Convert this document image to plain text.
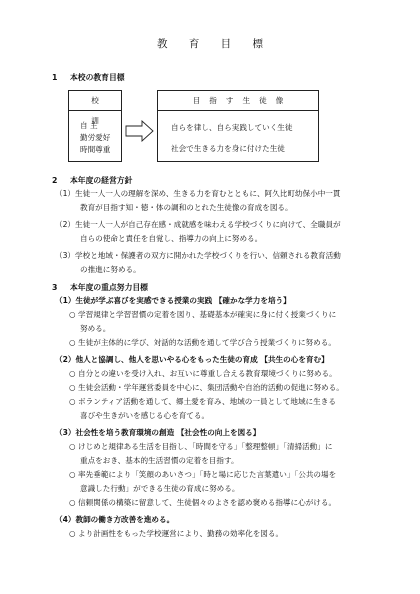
教 育 目 標
1 本校の教育目標
校 訓
自 主
勤労愛好
時間尊重
目指す生徒像
自らを律し、自ら実践していく生徒
社会で生きる力を身に付けた生徒
2 本年度の経営方針
（1）生徒一人一人の理解を深め、生きる力を育むとともに、阿久比町幼保小中一貫
教育が目指す知・徳・体の調和のとれた生徒像の育成を図る。
（2）生徒一人一人が自己存在感・成就感を味わえる学校づくりに向けて、全職員が
自らの使命と責任を自覚し、指導力の向上に努める。
（3）学校と地域・保護者の双方に開かれた学校づくりを行い、信頼される教育活動
の推進に努める。
3 本年度の重点努力目標
（1）生徒が学ぶ喜びを実感できる授業の実践 【確かな学力を培う】
○ 学習規律と学習習慣の定着を図り、基礎基本が確実に身に付く授業づくりに
努める。
○ 生徒が主体的に学び、対話的な活動を通して学び合う授業づくりに努める。
（2）他人と協調し、他人を思いやる心をもった生徒の育成 【共生の心を育む】
○ 自分との違いを受け入れ、お互いに尊重し合える教育環境づくりに努める。
○ 生徒会活動・学年運営委員を中心に、集団活動や自治的活動の促進に努める。
○ ボランティア活動を通して、郷土愛を育み、地域の一員として地域に生きる
喜びや生きがいを感じる心を育てる。
（3）社会性を培う教育環境の創造 【社会性の向上を図る】
○ けじめと規律ある生活を目指し、「時間を守る」「整理整頓」「清掃活動」に
重点をおき、基本的生活習慣の定着を目指す。
○ 率先垂範により「笑顔のあいさつ」「時と場に応じた言葉遣い」「公共の場を
意識した行動」ができる生徒の育成に努める。
○ 信頼関係の構築に留意して、生徒個々のよさを認め褒める指導に心がける。
（4）教師の働き方改善を進める。
○ より計画性をもった学校運営により、勤務の効率化を図る。
